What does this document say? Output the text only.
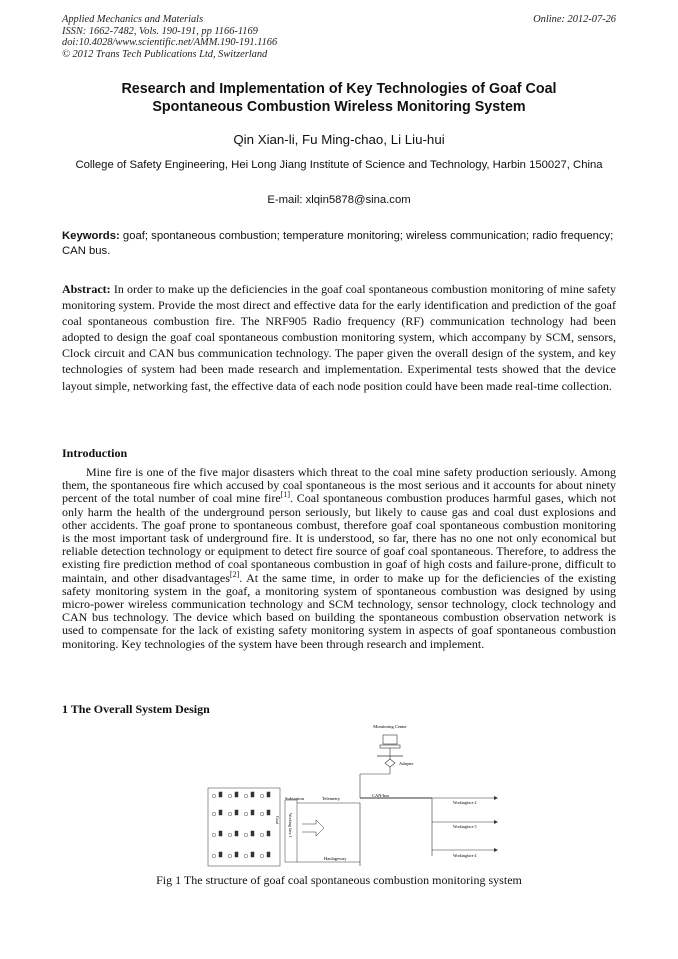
Applied Mechanics and Materials
ISSN: 1662-7482, Vols. 190-191, pp 1166-1169
doi:10.4028/www.scientific.net/AMM.190-191.1166
© 2012 Trans Tech Publications Ltd, Switzerland
Online: 2012-07-26
Research and Implementation of Key Technologies of Goaf Coal
Spontaneous Combustion Wireless Monitoring System
Qin Xian-li, Fu Ming-chao, Li Liu-hui
College of Safety Engineering, Hei Long Jiang Institute of Science and Technology, Harbin 150027, China
E-mail: xlqin5878@sina.com
Keywords: goaf; spontaneous combustion; temperature monitoring; wireless communication; radio frequency; CAN bus.
Abstract: In order to make up the deficiencies in the goaf coal spontaneous combustion monitoring of mine safety monitoring system. Provide the most direct and effective data for the early identification and prediction of the goaf coal spontaneous combustion fire. The NRF905 Radio frequency (RF) communication technology had been adopted to design the goaf coal spontaneous combustion monitoring system, which accompany by SCM, sensors, Clock circuit and CAN bus communication technology. The paper given the overall design of the system, and key technologies of system had been made research and implementation. Experimental tests showed that the device layout simple, networking fast, the effective data of each node position could have been made real-time collection.
Introduction

Mine fire is one of the five major disasters which threat to the coal mine safety production seriously. Among them, the spontaneous fire which accused by coal spontaneous is the most serious and it accounts for about ninety percent of the total number of coal mine fire[1]. Coal spontaneous combustion produces harmful gases, which not only harm the health of the underground person seriously, but likely to cause gas and coal dust explosions and other accidents. The goaf prone to spontaneous combust, therefore goaf coal spontaneous combustion monitoring is the most important task of underground fire. It is understood, so far, there has no one not only economical but reliable detection technology or equipment to detect fire source of goaf coal spontaneous. Therefore, to address the existing fire prediction method of coal spontaneous combustion in goaf of high costs and failure-prone, difficult to maintain, and other disadvantages[2]. At the same time, in order to make up for the deficiencies of the existing safety monitoring system in the goaf, a monitoring system of spontaneous combustion was designed by using micro-power wireless communication technology and SCM technology, sensor technology, clock technology and CAN bus technology. The device which based on building the spontaneous combustion observation network is used to compensate for the lack of existing safety monitoring system in aspects of goaf spontaneous combustion monitoring. Key technologies of the system have been through research and implement.

1 The Overall System Design
Monitoring Center
Adapter
Goaf Working face 1
Substation	Telemetry
Haulageway
CAN-bus
Workingface 2
Workingface 3
Workingface 4
Fig 1 The structure of goaf coal spontaneous combustion monitoring system
